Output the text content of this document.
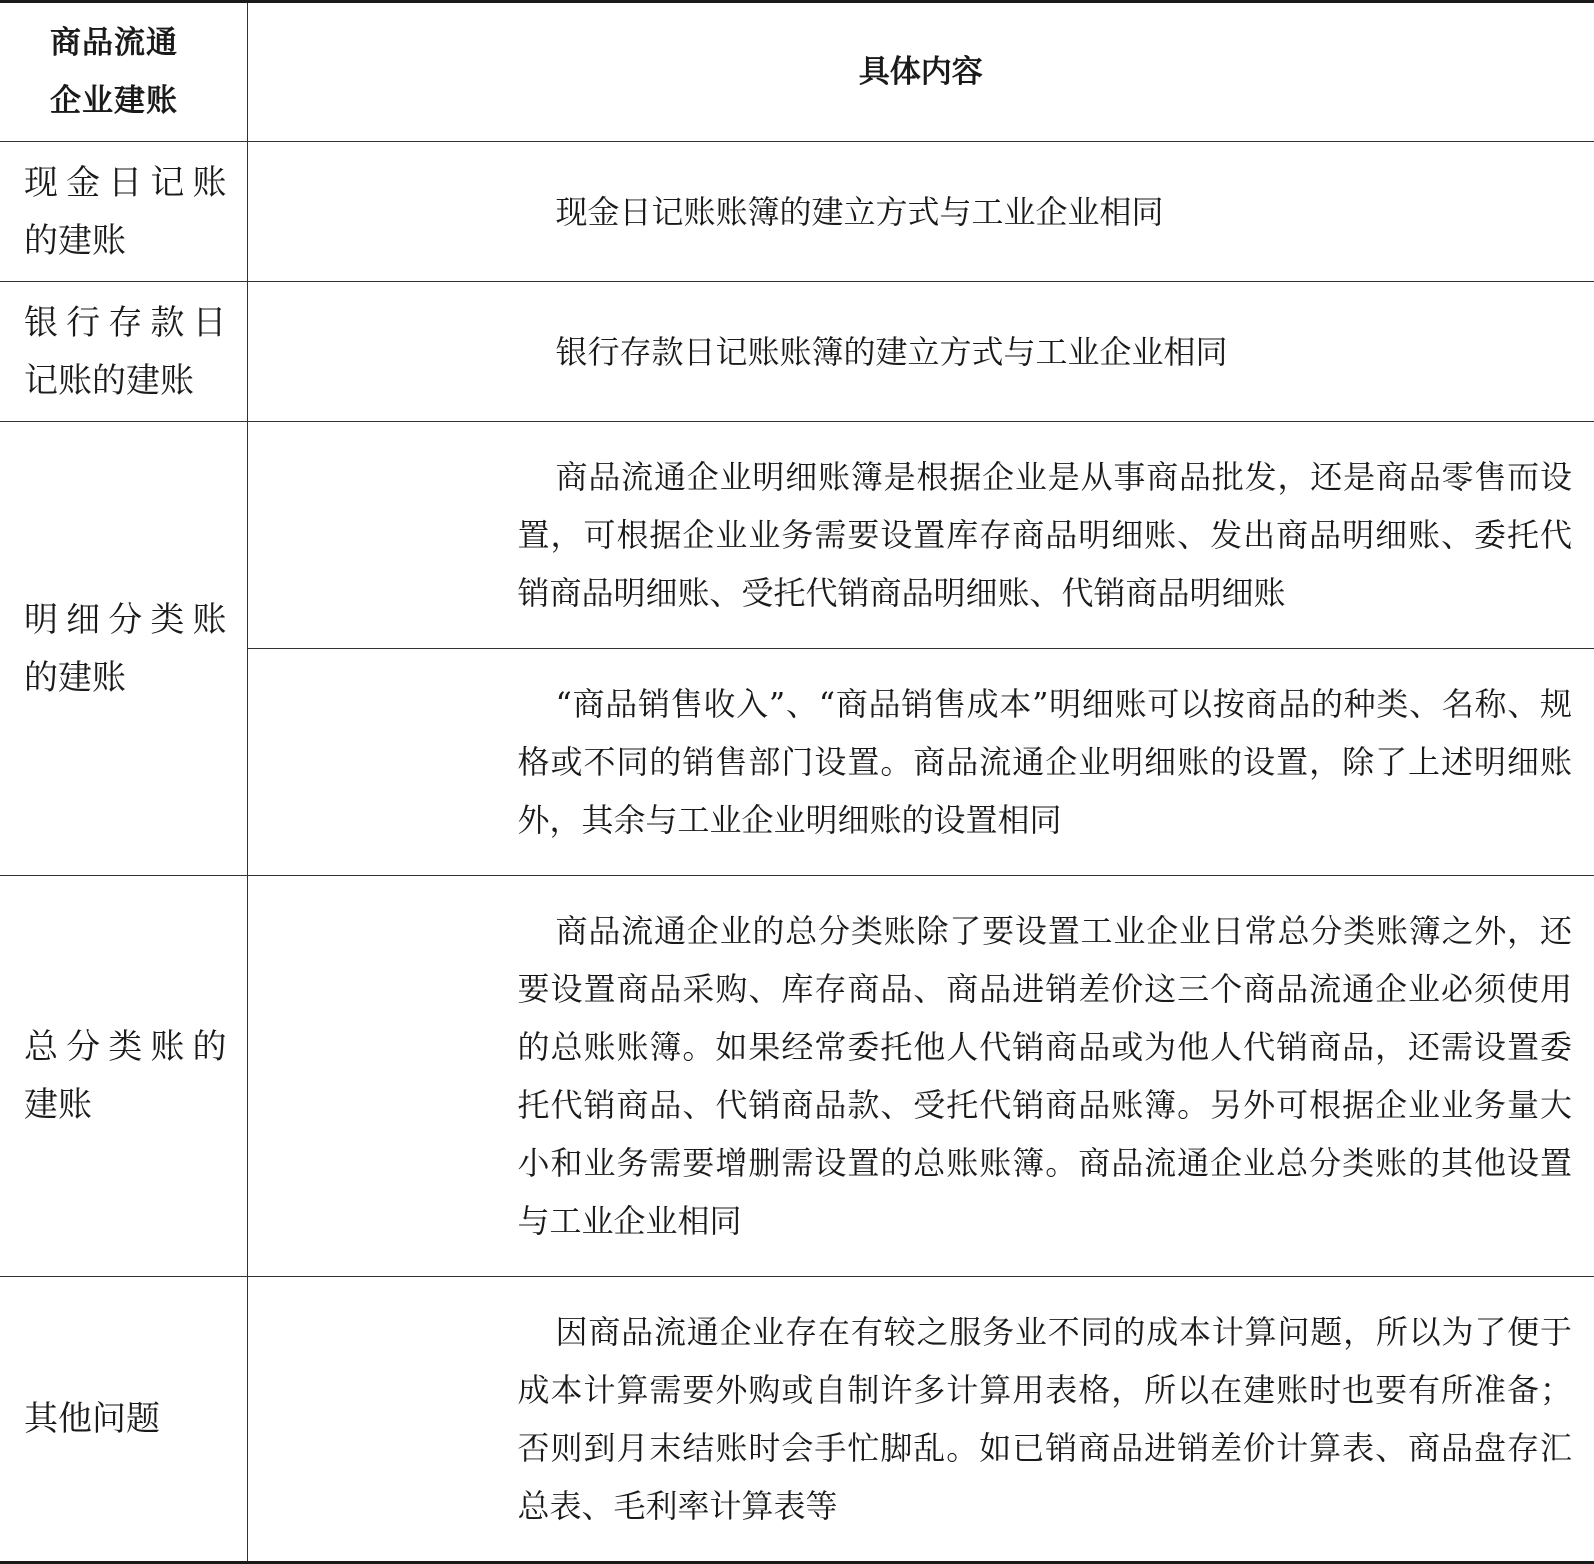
商品流通企业建账	具体内容
现金日记账的建账	现金日记账账簿的建立方式与工业企业相同

银行存款日记账的建账	银行存款日记账账簿的建立方式与工业企业相同

明细分类账的建账	商品流通企业明细账簿是根据企业是从事商品批发，还是商品零售而设置，可根据企业业务需要设置库存商品明细账、发出商品明细账、委托代销商品明细账、受托代销商品明细账、代销商品明细账

	“商品销售收入”、“商品销售成本”明细账可以按商品的种类、名称、规格或不同的销售部门设置。商品流通企业明细账的设置，除了上述明细账外，其余与工业企业明细账的设置相同

总分类账的建账	商品流通企业的总分类账除了要设置工业企业日常总分类账簿之外，还要设置商品采购、库存商品、商品进销差价这三个商品流通企业必须使用的总账账簿。如果经常委托他人代销商品或为他人代销商品，还需设置委托代销商品、代销商品款、受托代销商品账簿。另外可根据企业业务量大小和业务需要增删需设置的总账账簿。商品流通企业总分类账的其他设置与工业企业相同

其他问题	因商品流通企业存在有较之服务业不同的成本计算问题，所以为了便于成本计算需要外购或自制许多计算用表格，所以在建账时也要有所准备；否则到月末结账时会手忙脚乱。如已销商品进销差价计算表、商品盘存汇总表、毛利率计算表等
